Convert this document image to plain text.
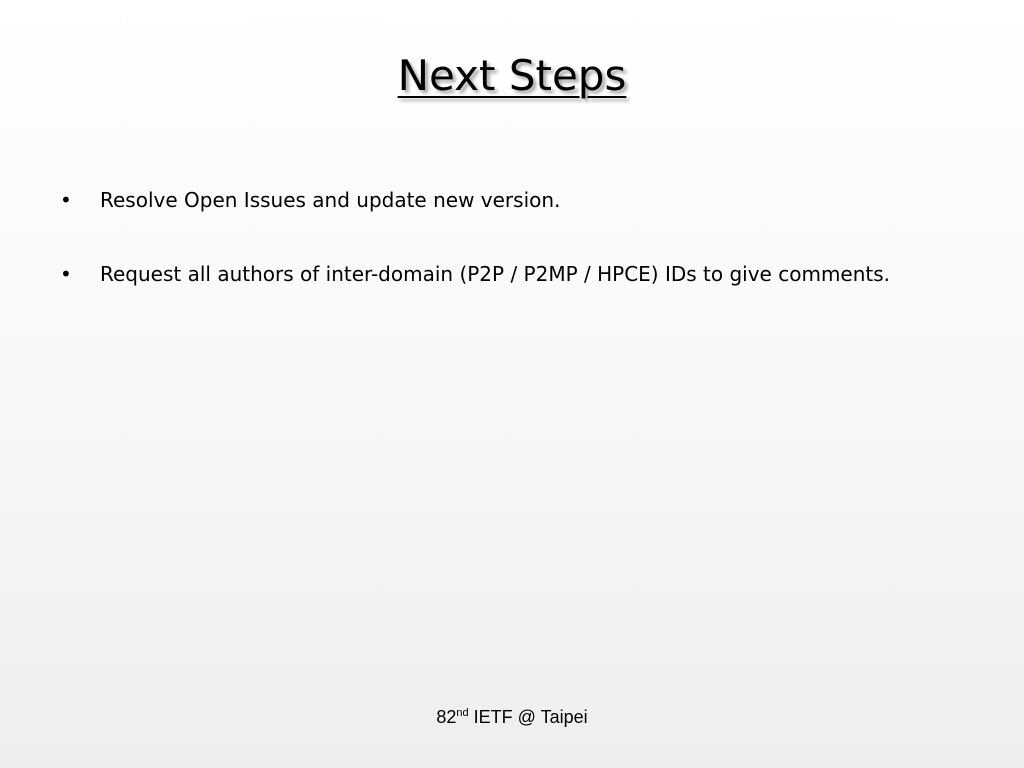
Next Steps
•	Resolve Open Issues and update new version.
•	Request all authors of inter-domain (P2P / P2MP / HPCE) IDs to give comments.
82nd IETF @ Taipei
